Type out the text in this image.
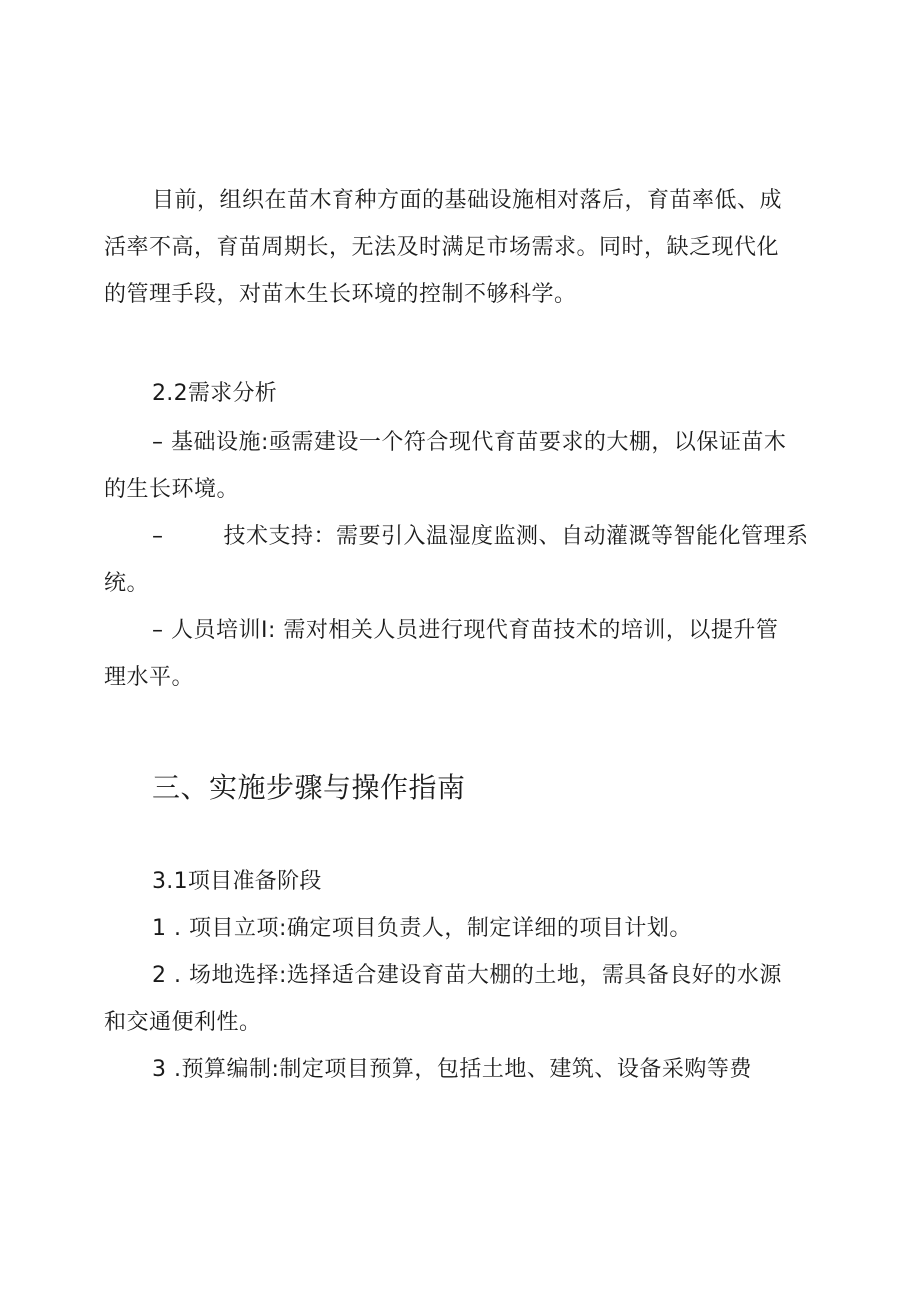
目前，组织在苗木育种方面的基础设施相对落后，育苗率低、成
活率不高，育苗周期长，无法及时满足市场需求。同时，缺乏现代化
的管理手段，对苗木生长环境的控制不够科学。

2.2需求分析

– 基础设施:亟需建设一个符合现代育苗要求的大棚，以保证苗木
的生长环境。
–        技术支持：需要引入温湿度监测、自动灌溉等智能化管理系
统。
– 人员培训I: 需对相关人员进行现代育苗技术的培训，以提升管
理水平。
三、实施步骤与操作指南

3.1项目准备阶段

1 . 项目立项:确定项目负责人，制定详细的项目计划。
2 . 场地选择:选择适合建设育苗大棚的土地，需具备良好的水源
和交通便利性。
3 .预算编制:制定项目预算，包括土地、建筑、设备采购等费
